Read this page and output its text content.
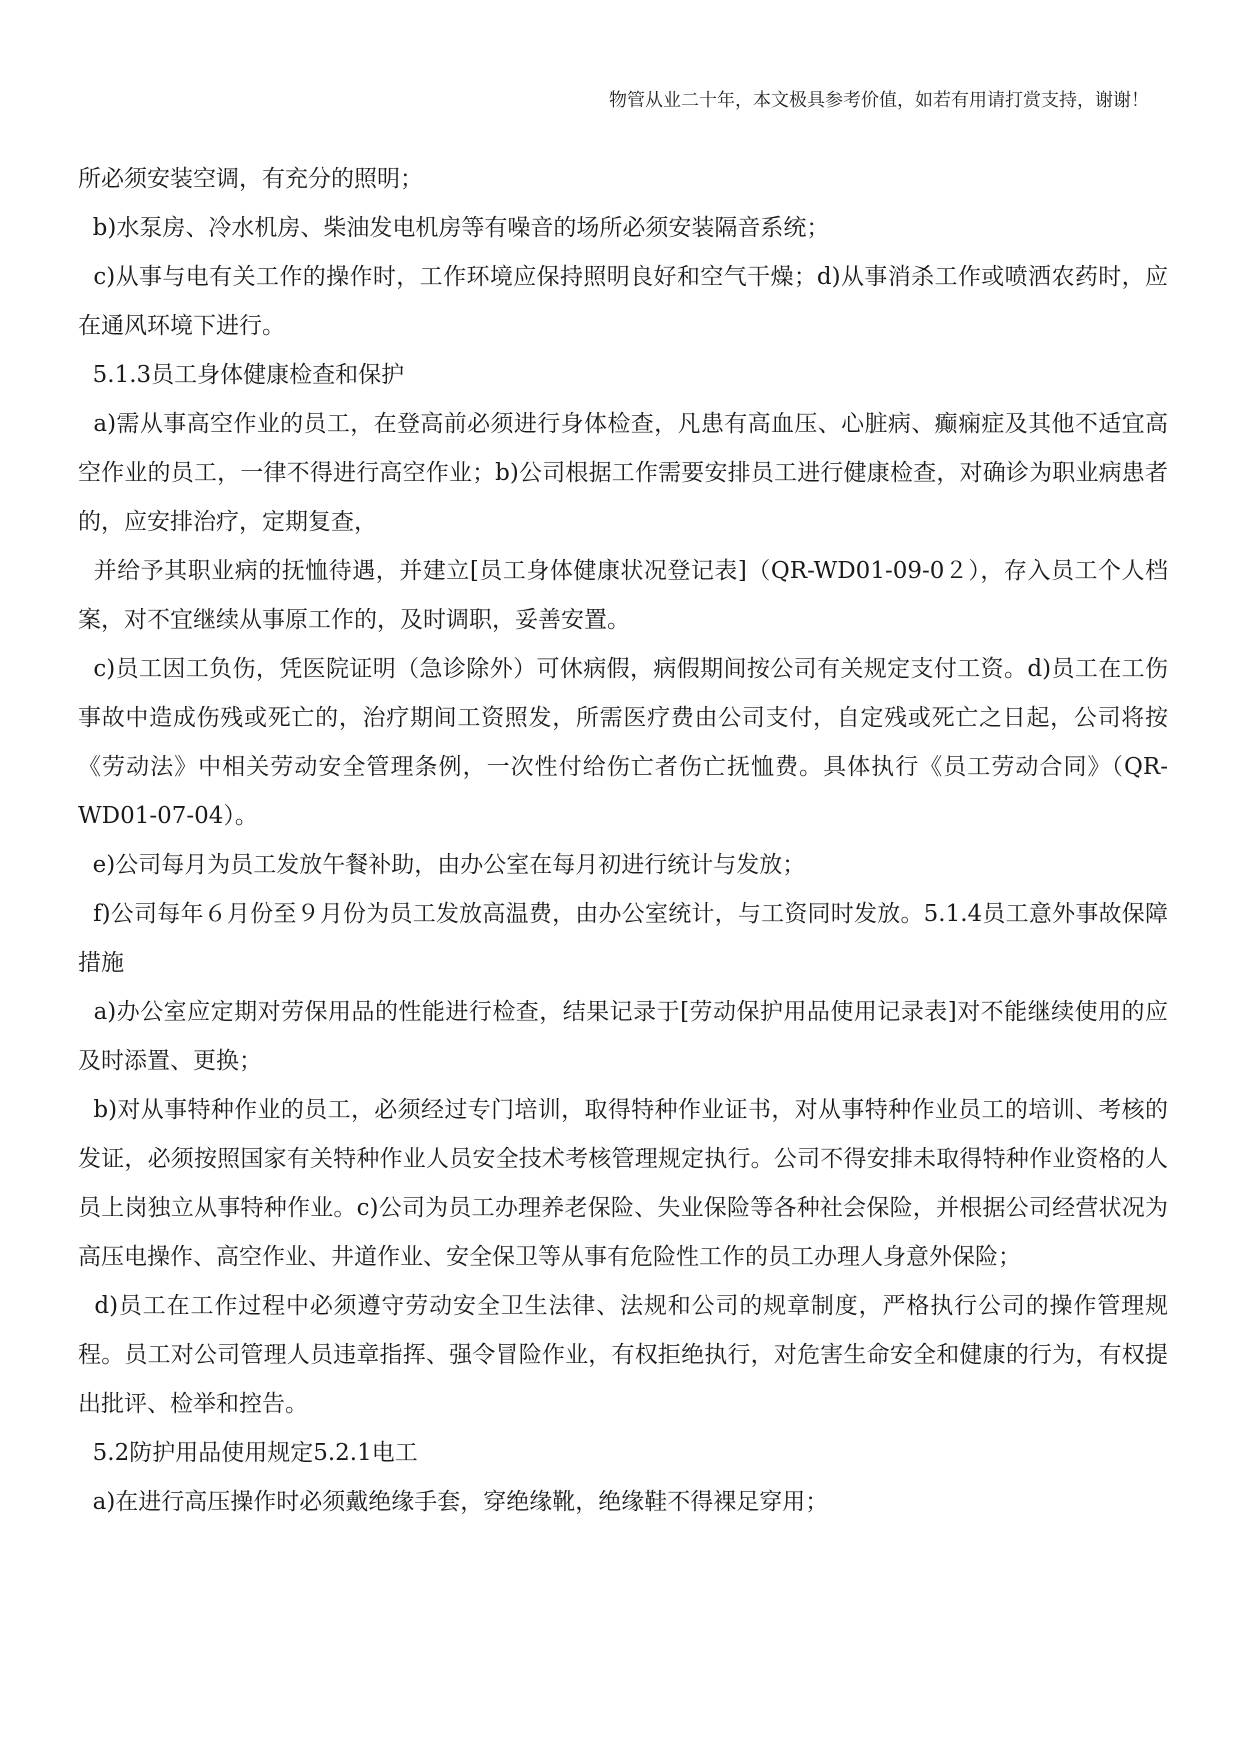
物管从业二十年，本文极具参考价值，如若有用请打赏支持，谢谢！

所必须安装空调，有充分的照明；

b)水泵房、冷水机房、柴油发电机房等有噪音的场所必须安装隔音系统；

c)从事与电有关工作的操作时，工作环境应保持照明良好和空气干燥；d)从事消杀工作或喷洒农药时，应在通风环境下进行。

5.1.3员工身体健康检查和保护

a)需从事高空作业的员工，在登高前必须进行身体检查，凡患有高血压、心脏病、癫痫症及其他不适宜高空作业的员工，一律不得进行高空作业；b)公司根据工作需要安排员工进行健康检查，对确诊为职业病患者的，应安排治疗，定期复查，

并给予其职业病的抚恤待遇，并建立[员工身体健康状况登记表]（QR-WD01-09-0２），存入员工个人档案，对不宜继续从事原工作的，及时调职，妥善安置。

c)员工因工负伤，凭医院证明（急诊除外）可休病假，病假期间按公司有关规定支付工资。d)员工在工伤事故中造成伤残或死亡的，治疗期间工资照发，所需医疗费由公司支付，自定残或死亡之日起，公司将按《劳动法》中相关劳动安全管理条例，一次性付给伤亡者伤亡抚恤费。具体执行《员工劳动合同》（QR-WD01-07-04）。

e)公司每月为员工发放午餐补助，由办公室在每月初进行统计与发放；

f)公司每年６月份至９月份为员工发放高温费，由办公室统计，与工资同时发放。5.1.4员工意外事故保障措施

a)办公室应定期对劳保用品的性能进行检查，结果记录于[劳动保护用品使用记录表]对不能继续使用的应及时添置、更换；

b)对从事特种作业的员工，必须经过专门培训，取得特种作业证书，对从事特种作业员工的培训、考核的发证，必须按照国家有关特种作业人员安全技术考核管理规定执行。公司不得安排未取得特种作业资格的人员上岗独立从事特种作业。c)公司为员工办理养老保险、失业保险等各种社会保险，并根据公司经营状况为高压电操作、高空作业、井道作业、安全保卫等从事有危险性工作的员工办理人身意外保险；

d)员工在工作过程中必须遵守劳动安全卫生法律、法规和公司的规章制度，严格执行公司的操作管理规程。员工对公司管理人员违章指挥、强令冒险作业，有权拒绝执行，对危害生命安全和健康的行为，有权提出批评、检举和控告。

5.2防护用品使用规定5.2.1电工

a)在进行高压操作时必须戴绝缘手套，穿绝缘靴，绝缘鞋不得裸足穿用；
